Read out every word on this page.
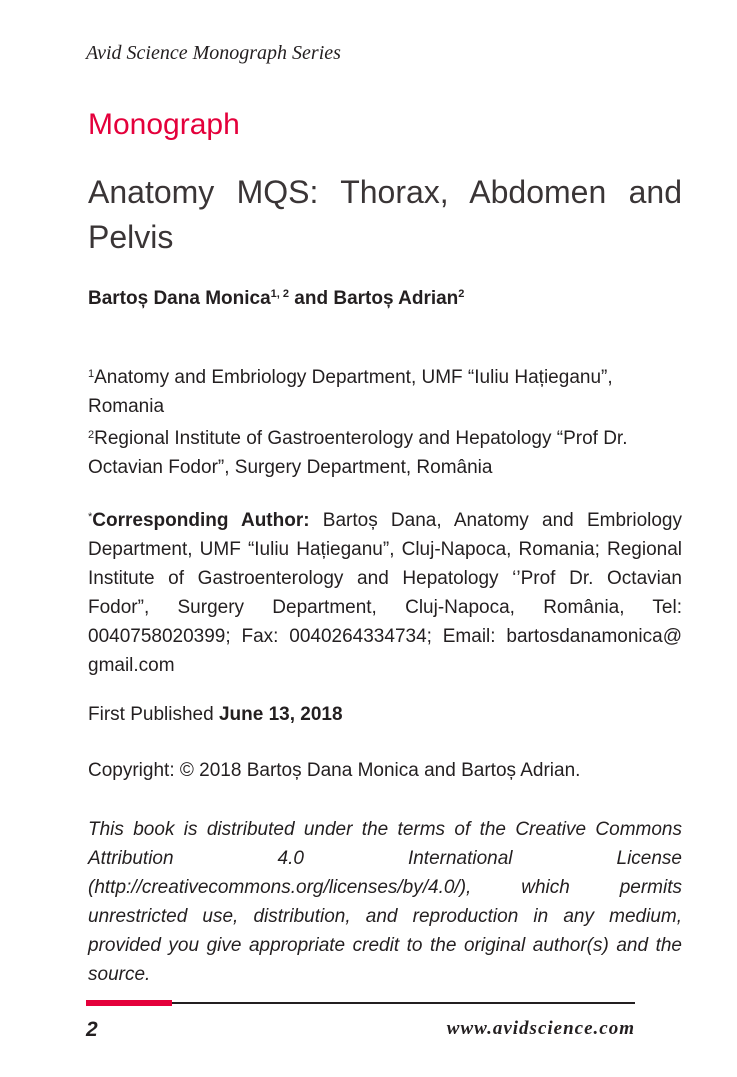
Avid Science Monograph Series
Monograph
Anatomy MQS: Thorax, Abdomen and Pelvis
Bartoș Dana Monica$^{1, 2}$ and Bartoș Adrian$^2$
$^1$Anatomy and Embriology Department, UMF “Iuliu Hațieganu”, Romania
$^2$Regional Institute of Gastroenterology and Hepatology “Prof Dr. Octavian Fodor”, Surgery Department, România
*Corresponding Author: Bartoș Dana, Anatomy and Embriology Department, UMF “Iuliu Hațieganu”, Cluj-Napoca, Romania; Regional Institute of Gastroenterology and Hepatology ‘’Prof Dr. Octavian Fodor”, Surgery Department, Cluj-Napoca, România, Tel: 0040758020399; Fax: 0040264334734; Email: bartosdanamonica@ gmail.com
First Published June 13, 2018
Copyright: © 2018 Bartoș Dana Monica and Bartoș Adrian.
This book is distributed under the terms of the Creative Commons Attribution 4.0 International License (http://creativecommons.org/licenses/by/4.0/), which permits unrestricted use, distribution, and reproduction in any medium, provided you give appropriate credit to the original author(s) and the source.
2	www.avidscience.com
